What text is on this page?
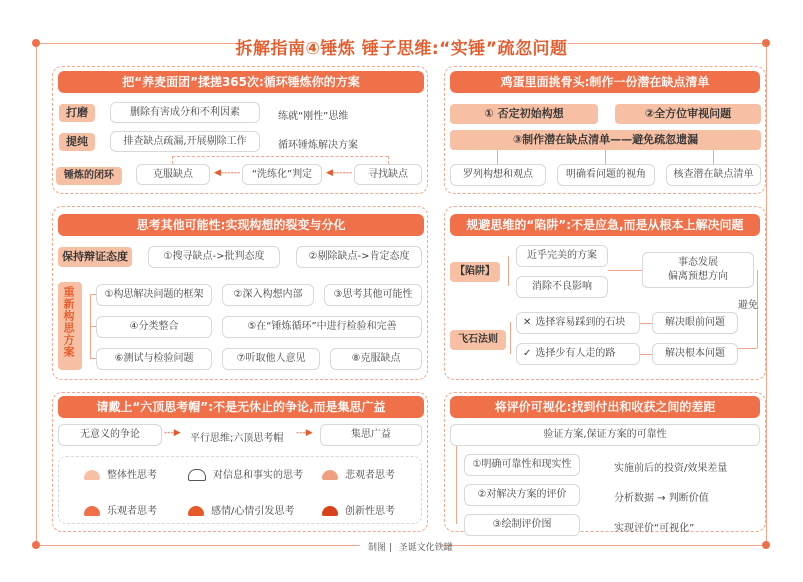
拆解指南④锤炼 锤子思维:“实锤”疏忽问题
制图 | 圣诞文化铁罐
把“养麦面团”揉搓365次:循环锤炼你的方案
打磨	删除有害成分和不利因素	练就“刚性”思维
提纯	排查缺点疏漏,开展剔除工作	循环锤炼解决方案
锤炼的闭环	克服缺点	◀------	“洗练化”判定	◀------	寻找缺点
鸡蛋里面挑骨头:制作一份潜在缺点清单
① 否定初始构想	②全方位审视问题
③制作潜在缺点清单——避免疏忽遗漏
罗列构想和观点	明确看问题的视角	核查潜在缺点清单
思考其他可能性:实现构想的裂变与分化
保持辩证态度	①搜寻缺点->批判态度	②剔除缺点->肯定态度
重新构思方案	①构思解决问题的框架	②深入构想内部	③思考其他可能性
④分类整合	⑤在“锤炼循环”中进行检验和完善
⑥测试与检验问题	⑦听取他人意见	⑧克服缺点
规避思维的“陷阱”:不是应急,而是从根本上解决问题
【陷阱】
近乎完美的方案
消除不良影响
事态发展
偏离预想方向
避免
飞石法则
✕ 选择容易踩到的石块
✓ 选择少有人走的路
解决眼前问题
解决根本问题
请戴上“六顶思考帽”:不是无休止的争论,而是集思广益
无意义的争论	---▶ 平行思维;六顶思考帽 ---▶	集思广益
整体性思考	对信息和事实的思考	悲观者思考
乐观者思考	感情/心情引发思考	创新性思考
将评价可视化:找到付出和收获之间的差距
验证方案,保证方案的可靠性
①明确可靠性和现实性	实施前后的投资/效果差量
②对解决方案的评价	分析数据 → 判断价值
③绘制评价图	实现评价“可视化”
